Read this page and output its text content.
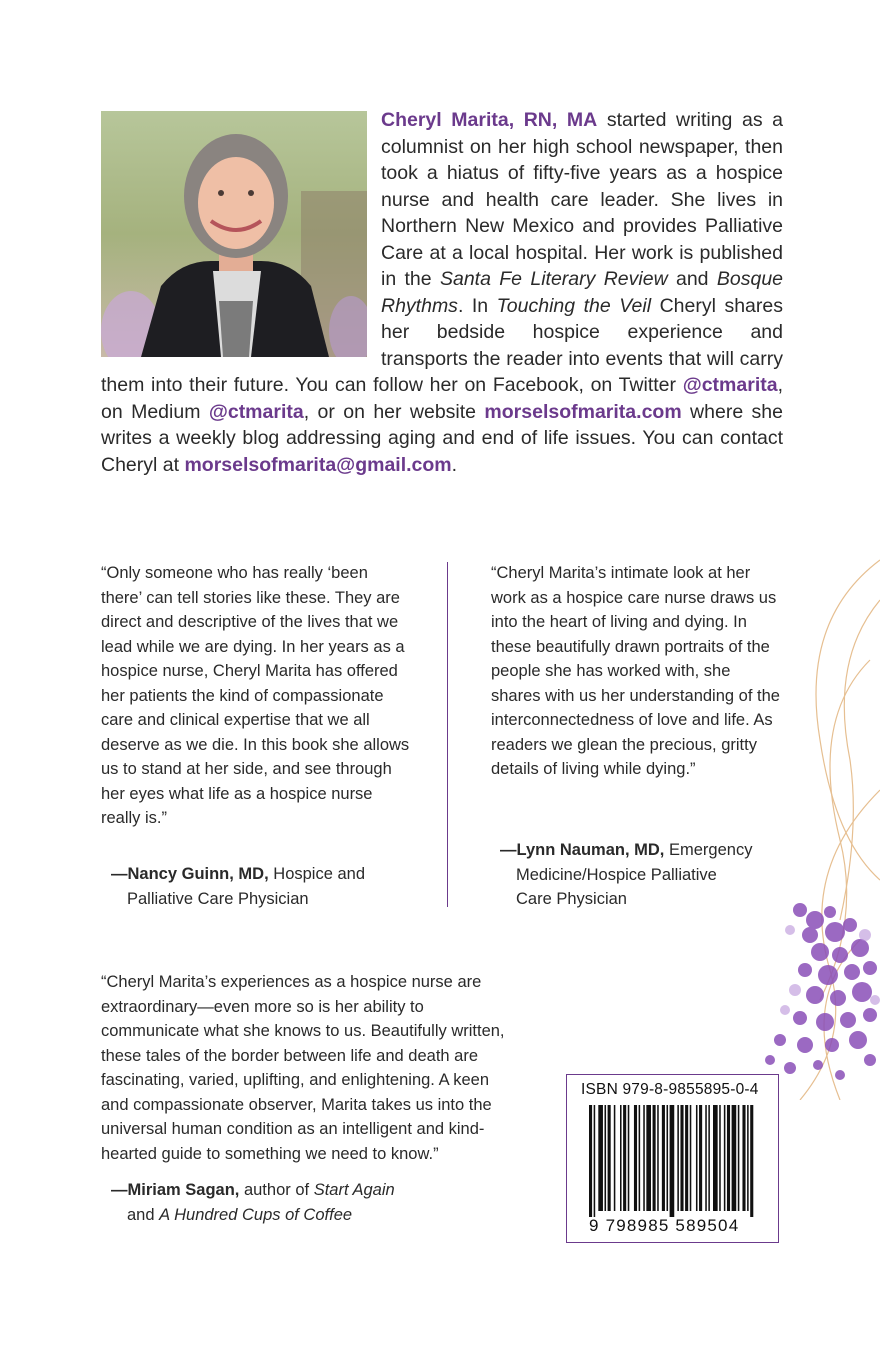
Cheryl Marita, RN, MA started writing as a columnist on her high school newspaper, then took a hiatus of fifty-five years as a hospice nurse and health care leader. She lives in Northern New Mexico and provides Palliative Care at a local hospital. Her work is published in the Santa Fe Literary Review and Bosque Rhythms. In Touching the Veil Cheryl shares her bedside hospice experience and transports the reader into events that will carry them into their future. You can follow her on Facebook, on Twitter @ctmarita, on Medium @ctmarita, or on her website morselsofmarita.com where she writes a weekly blog addressing aging and end of life issues. You can contact Cheryl at morselsofmarita@gmail.com.

“Only someone who has really ‘been there’ can tell stories like these. They are direct and descriptive of the lives that we lead while we are dying. In her years as a hospice nurse, Cheryl Marita has offered her patients the kind of compassionate care and clinical expertise that we all deserve as we die. In this book she allows us to stand at her side, and see through her eyes what life as a hospice nurse really is.”

—Nancy Guinn, MD, Hospice and
Palliative Care Physician

“Cheryl Marita’s intimate look at her work as a hospice care nurse draws us into the heart of living and dying. In these beautifully drawn portraits of the people she has worked with, she shares with us her understanding of the interconnectedness of love and life. As readers we glean the precious, gritty details of living while dying.”

—Lynn Nauman, MD, Emergency
Medicine/Hospice Palliative
Care Physician

“Cheryl Marita’s experiences as a hospice nurse are extraordinary—even more so is her ability to communicate what she knows to us. Beautifully written, these tales of the border between life and death are fascinating, varied, uplifting, and enlightening. A keen and compassionate observer, Marita takes us into the universal human condition as an intelligent and kind-hearted guide to something we need to know.”

—Miriam Sagan, author of Start Again
and A Hundred Cups of Coffee
ISBN 979-8-9855895-0-4
9 798985 589504
